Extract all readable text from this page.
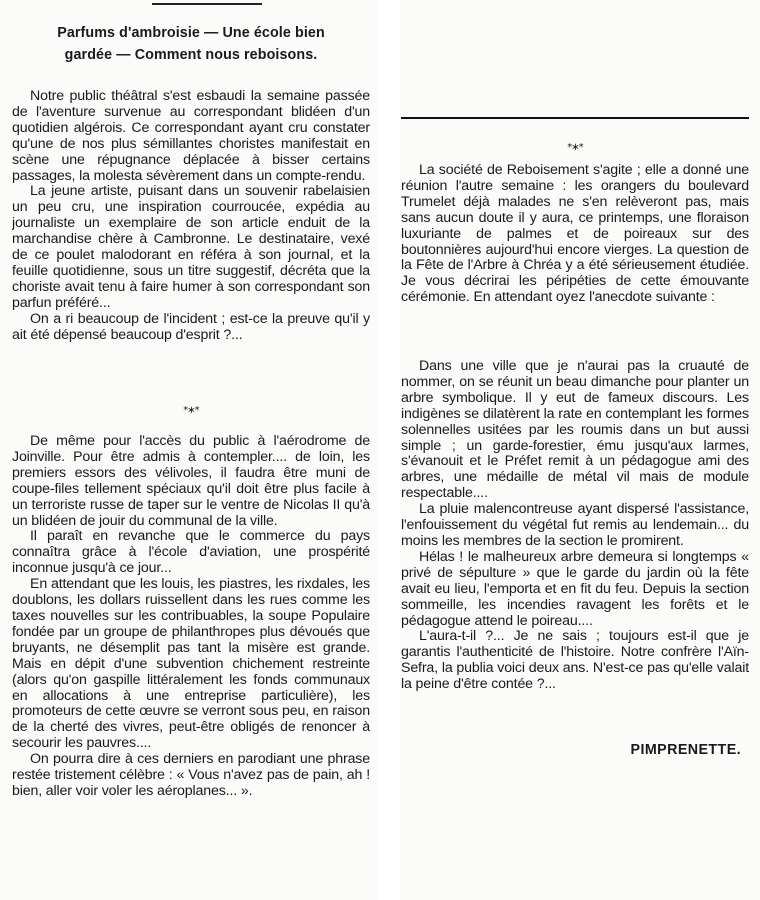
Parfums d'ambroisie — Une école bien
gardée — Comment nous reboisons.

Notre public théâtral s'est esbaudi la semaine passée de l'aventure survenue au correspondant blidéen d'un quotidien algérois. Ce correspondant ayant cru constater qu'une de nos plus sémillantes choristes manifestait en scène une répugnance déplacée à bisser certains passages, la molesta sévèrement dans un compte-rendu.

La jeune artiste, puisant dans un souvenir rabelaisien un peu cru, une inspiration courroucée, expédia au journaliste un exemplaire de son article enduit de la marchandise chère à Cambronne. Le destinataire, vexé de ce poulet malodorant en référa à son journal, et la feuille quotidienne, sous un titre suggestif, décréta que la choriste avait tenu à faire humer à son correspondant son parfun préféré...

On a ri beaucoup de l'incident ; est-ce la preuve qu'il y ait été dépensé beaucoup d'esprit ?...

*∗*

De même pour l'accès du public à l'aérodrome de Joinville. Pour être admis à contempler.... de loin, les premiers essors des vélivoles, il faudra être muni de coupe-files tellement spéciaux qu'il doit être plus facile à un terroriste russe de taper sur le ventre de Nicolas II qu'à un blidéen de jouir du communal de la ville.

Il paraît en revanche que le commerce du pays connaîtra grâce à l'école d'aviation, une prospérité inconnue jusqu'à ce jour...

En attendant que les louis, les piastres, les rixdales, les doublons, les dollars ruissellent dans les rues comme les taxes nouvelles sur les contribuables, la soupe Populaire fondée par un groupe de philanthropes plus dévoués que bruyants, ne désemplit pas tant la misère est grande. Mais en dépit d'une subvention chichement restreinte (alors qu'on gaspille littéralement les fonds communaux en allocations à une entreprise particulière), les promoteurs de cette œuvre se verront sous peu, en raison de la cherté des vivres, peut-être obligés de renoncer à secourir les pauvres....

On pourra dire à ces derniers en parodiant une phrase restée tristement célèbre : « Vous n'avez pas de pain, ah ! bien, aller voir voler les aéroplanes... ».

*∗*

La société de Reboisement s'agite ; elle a donné une réunion l'autre semaine : les orangers du boulevard Trumelet déjà malades ne s'en relèveront pas, mais sans aucun doute il y aura, ce printemps, une floraison luxuriante de palmes et de poireaux sur des boutonnières aujourd'hui encore vierges. La question de la Fête de l'Arbre à Chréa y a été sérieusement étudiée. Je vous décrirai les péripéties de cette émouvante cérémonie. En attendant oyez l'anecdote suivante :

Dans une ville que je n'aurai pas la cruauté de nommer, on se réunit un beau dimanche pour planter un arbre symbolique. Il y eut de fameux discours. Les indigènes se dilatèrent la rate en contemplant les formes solennelles usitées par les roumis dans un but aussi simple ; un garde-forestier, ému jusqu'aux larmes, s'évanouit et le Préfet remit à un pédagogue ami des arbres, une médaille de métal vil mais de module respectable....

La pluie malencontreuse ayant dispersé l'assistance, l'enfouissement du végétal fut remis au lendemain... du moins les membres de la section le promirent.

Hélas ! le malheureux arbre demeura si longtemps « privé de sépulture » que le garde du jardin où la fête avait eu lieu, l'emporta et en fit du feu. Depuis la section sommeille, les incendies ravagent les forêts et le pédagogue attend le poireau....

L'aura-t-il ?... Je ne sais ; toujours est-il que je garantis l'authenticité de l'histoire. Notre confrère l'Aïn-Sefra, la publia voici deux ans. N'est-ce pas qu'elle valait la peine d'être contée ?...

PIMPRENETTE.
